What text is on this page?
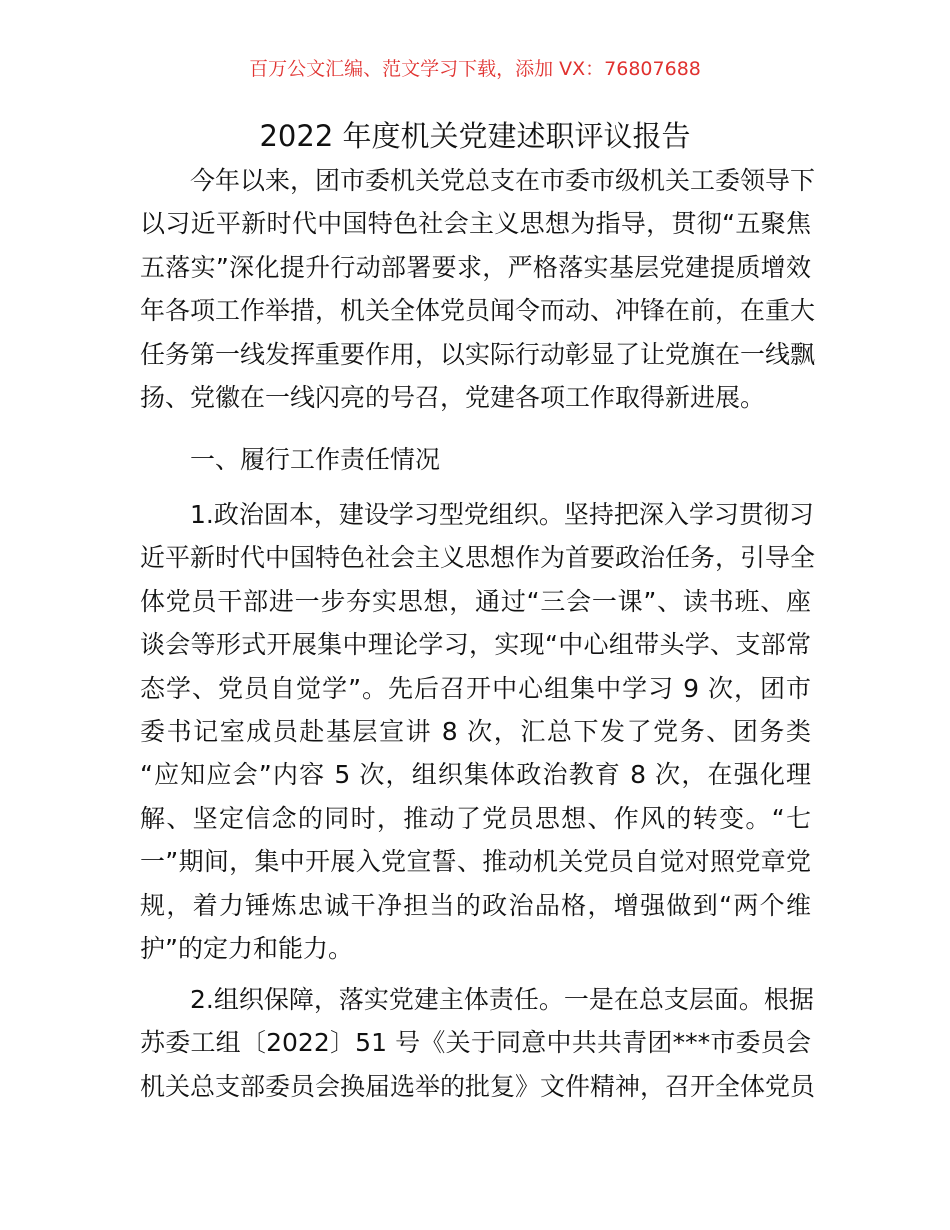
百万公文汇编、范文学习下载，添加 VX：76807688
2022 年度机关党建述职评议报告
今年以来，团市委机关党总支在市委市级机关工委领导下
以习近平新时代中国特色社会主义思想为指导，贯彻“五聚焦
五落实”深化提升行动部署要求，严格落实基层党建提质增效
年各项工作举措，机关全体党员闻令而动、冲锋在前，在重大
任务第一线发挥重要作用，以实际行动彰显了让党旗在一线飘
扬、党徽在一线闪亮的号召，党建各项工作取得新进展。
一、履行工作责任情况
1.政治固本，建设学习型党组织。坚持把深入学习贯彻习
近平新时代中国特色社会主义思想作为首要政治任务，引导全
体党员干部进一步夯实思想，通过“三会一课”、读书班、座
谈会等形式开展集中理论学习，实现“中心组带头学、支部常
态学、党员自觉学”。先后召开中心组集中学习 9 次，团市
委书记室成员赴基层宣讲 8 次，汇总下发了党务、团务类
“应知应会”内容 5 次，组织集体政治教育 8 次，在强化理
解、坚定信念的同时，推动了党员思想、作风的转变。“七
一”期间，集中开展入党宣誓、推动机关党员自觉对照党章党
规，着力锤炼忠诚干净担当的政治品格，增强做到“两个维
护”的定力和能力。
2.组织保障，落实党建主体责任。一是在总支层面。根据
苏委工组〔2022〕51 号《关于同意中共共青团***市委员会
机关总支部委员会换届选举的批复》文件精神，召开全体党员
